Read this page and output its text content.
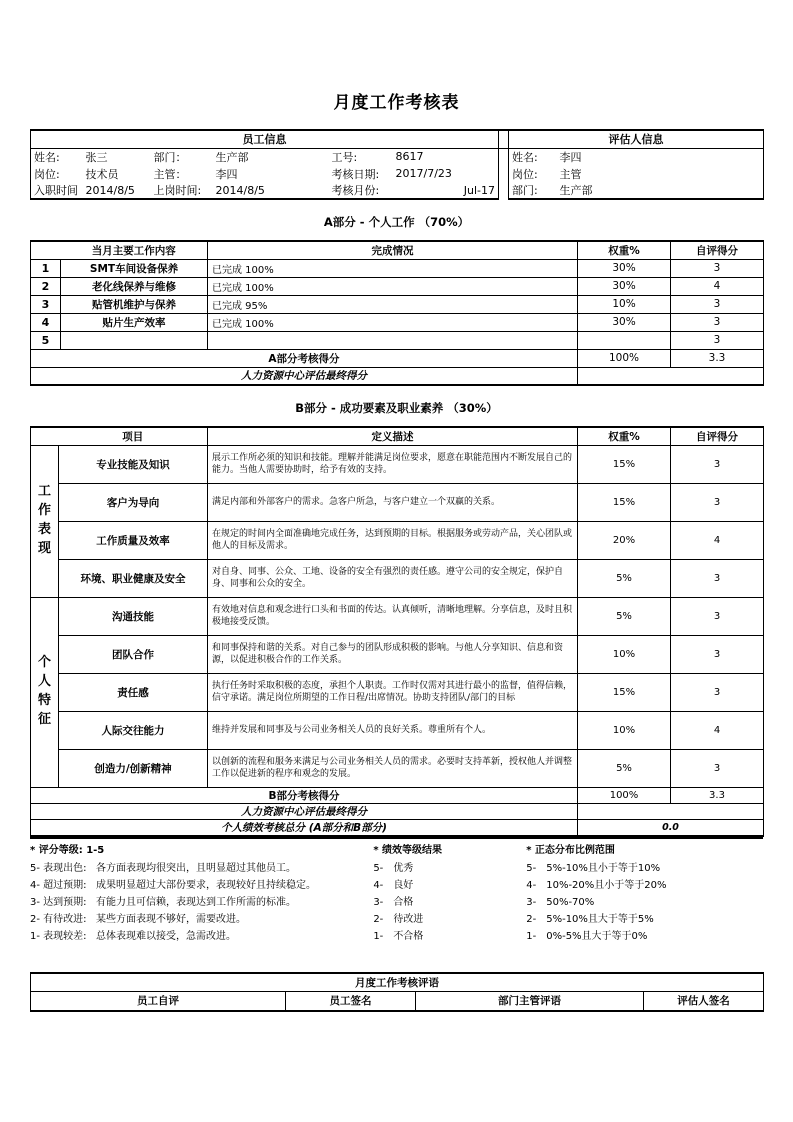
月度工作考核表
员工信息							评估人信息	
姓名:	张三	部门：	生产部	工号:	8617		姓名:	李四
岗位:	技术员	主管：	李四	考核日期:	2017/7/23		岗位:	主管
入职时间	2014/8/5	上岗时间:	2014/8/5	考核月份:	Jul-17		部门:	生产部
A部分 - 个人工作 （70%）
	当月主要工作内容	完成情况	权重%	自评得分
1	SMT车间设备保养	已完成 100%	30%	3
2	老化线保养与维修	已完成 100%	30%	4
3	贴管机维护与保养	已完成 95%	10%	3
4	贴片生产效率	已完成 100%	30%	3
5				3
A部分考核得分			100%	3.3
人力资源中心评估最终得分				
B部分 - 成功要素及职业素养 （30%）
	项目	定义描述	权重%	自评得分

工
作
表
现	专业技能及知识	展示工作所必须的知识和技能。理解并能满足岗位要求，愿意在职能范围内不断发展自己的能力。当他人需要协助时，给予有效的支持。	15%	3
	客户为导向	满足内部和外部客户的需求。急客户所急，与客户建立一个双赢的关系。	15%	3
	工作质量及效率	在规定的时间内全面准确地完成任务，达到预期的目标。根据服务或劳动产品，关心团队或他人的目标及需求。	20%	4
	环境、职业健康及安全	对自身、同事、公众、工地、设备的安全有强烈的责任感。遵守公司的安全规定，保护自身、同事和公众的安全。	5%	3

个
人
特
征	沟通技能	有效地对信息和观念进行口头和书面的传达。认真倾听，清晰地理解。分享信息，及时且积极地接受反馈。	5%	3
	团队合作	和同事保持和谐的关系。对自己参与的团队形成积极的影响。与他人分享知识、信息和资源，以促进积极合作的工作关系。	10%	3
	责任感	执行任务时采取积极的态度，承担个人职责。工作时仅需对其进行最小的监督，值得信赖，信守承诺。满足岗位所期望的工作日程/出席情况。协助支持团队/部门的目标	15%	3
	人际交往能力	维持并发展和同事及与公司业务相关人员的良好关系。尊重所有个人。	10%	4
	创造力/创新精神	以创新的流程和服务来满足与公司业务相关人员的需求。必要时支持革新，授权他人并调整工作以促进新的程序和观念的发展。	5%	3
B部分考核得分			100%	3.3
人力资源中心评估最终得分				
个人绩效考核总分 (A部分和B部分)			0.0	
* 评分等级: 1-5
5- 表现出色: 各方面表现均很突出，且明显超过其他员工。
4- 超过预期: 成果明显超过大部份要求，表现较好且持续稳定。
3- 达到预期: 有能力且可信赖，表现达到工作所需的标准。
2- 有待改进: 某些方面表现不够好，需要改进。
1- 表现较差: 总体表现难以接受，急需改进。
* 绩效等级结果
5-	优秀
4-	良好
3-	合格
2-	待改进
1-	不合格
* 正态分布比例范围
5-	5%-10%且小于等于10%
4-	10%-20%且小于等于20%
3-	50%-70%
2-	5%-10%且大于等于5%
1-	0%-5%且大于等于0%
月度工作考核评语
员工自评	员工签名	部门主管评语	评估人签名
